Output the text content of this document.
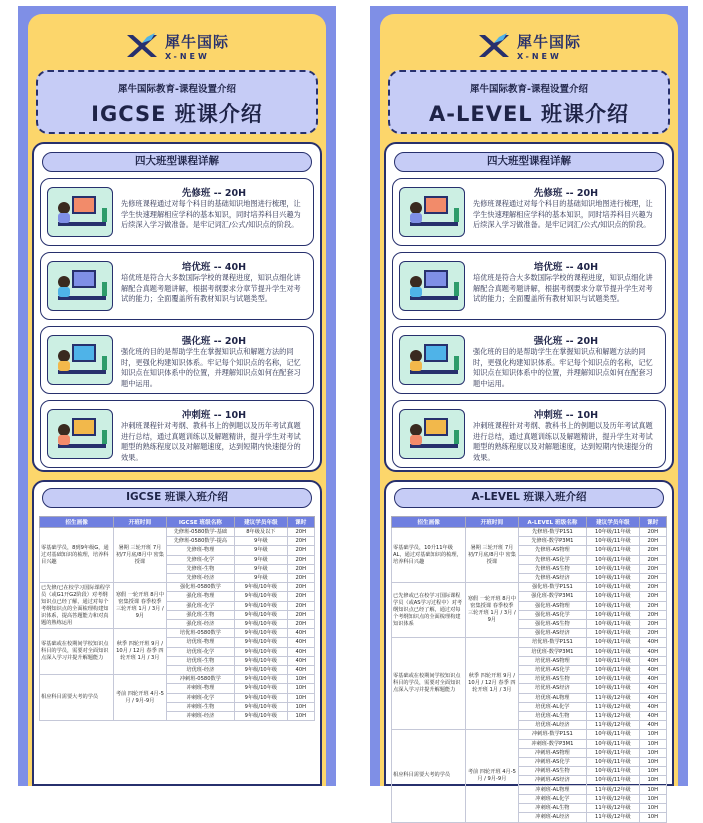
犀牛国际
X-NEW
犀牛国际教育-课程设置介绍
IGCSE 班课介绍
四大班型课程详解
先修班 -- 20H
先修班课程通过对每个科目的基础知识地图进行梳理，让学生快速理解相应学科的基本知识，同时培养科目兴趣为后续深入学习做准备。是牢记词汇/公式/知识点的阶段。
培优班 -- 40H
培优班是符合大多数国际学校的课程进度，知识点细化讲解配合真题考题讲解，根据考纲要求分章节提升学生对考试的能力；全面覆盖所有教材知识与试题类型。
强化班 -- 20H
强化班的目的是帮助学生在掌握知识点和解题方法的同时，更强化构建知识体系。牢记每个知识点的名称，记忆知识点在知识体系中的位置，并理解知识点如何在配套习题中运用。
冲刺班 -- 10H
冲刺班课程针对考纲、教科书上的例题以及历年考试真题进行总结，通过真题训练以及解题精讲，提升学生对考试题型的熟练程度以及对解题速度，达到短期内快速提分的效果。
IGCSE 班课入班介绍
招生画像	开班时间	IGCSE 班级名称	建议学员年级	课时
零基础学员，8到9年级G，通过对基础知识的梳理，培养科目兴趣	暑期 三轮开班 7月初/7月底/8月中 密集授课	先修班-0580数学-基础	8年级及以下	20H
		先修班-0580数学-提高	9年级	20H
		先修班-物理	9年级	20H
		先修班-化学	9年级	20H
		先修班-生物	9年级	20H
		先修班-经济	9年级	20H
已先修/已在校学习国际课程学员（或G1开G2阶段）对考纲知识点已经了解，通过对每个考纲知识点的全面梳理构建知识体系，提高答题能力和对真题的熟练运用	寒假 一轮开班 8月中 密集授课 春季校季 三轮开班 1月 / 3月 / 9月	强化班-0580数学	9年级/10年级	20H
		强化班-物理	9年级/10年级	20H
		强化班-化学	9年级/10年级	20H
		强化班-生物	9年级/10年级	20H
		强化班-经济	9年级/10年级	20H
零基础或在校期间学校知识点科目的学员，需要对全面知识点深入学习并提升解题能力	秋季 四轮开班 9月 / 10月 / 12月 春季 四轮开班 1月 / 3月	培优班-0580数学	9年级/10年级	40H
		培优班-物理	9年级/10年级	40H
		培优班-化学	9年级/10年级	40H
		培优班-生物	9年级/10年级	40H
		培优班-经济	9年级/10年级	40H
相应科目需要大考的学员	考前 四轮开班 4月-5月 / 9月-9月	冲刺班-0580数学	9年级/10年级	10H
		冲刺班-物理	9年级/10年级	10H
		冲刺班-化学	9年级/10年级	10H
		冲刺班-生物	9年级/10年级	10H
		冲刺班-经济	9年级/10年级	10H
犀牛国际
X-NEW
犀牛国际教育-课程设置介绍
A-LEVEL 班课介绍
四大班型课程详解
先修班 -- 20H
先修班课程通过对每个科目的基础知识地图进行梳理，让学生快速理解相应学科的基本知识，同时培养科目兴趣为后续深入学习做准备。是牢记词汇/公式/知识点的阶段。
培优班 -- 40H
培优班是符合大多数国际学校的课程进度，知识点细化讲解配合真题考题讲解，根据考纲要求分章节提升学生对考试的能力；全面覆盖所有教材知识与试题类型。
强化班 -- 20H
强化班的目的是帮助学生在掌握知识点和解题方法的同时，更强化构建知识体系。牢记每个知识点的名称，记忆知识点在知识体系中的位置，并理解知识点如何在配套习题中运用。
冲刺班 -- 10H
冲刺班课程针对考纲、教科书上的例题以及历年考试真题进行总结，通过真题训练以及解题精讲，提升学生对考试题型的熟练程度以及对解题速度，达到短期内快速提分的效果。
A-LEVEL 班课入班介绍
招生画像	开班时间	A-LEVEL 班级名称	建议学员年级	课时
零基础学员，10升11年级AL，通过对基础知识的梳理，培养科目兴趣	暑期 三轮开班 7月初/7月底/8月中 密集授课	先修班-数学P1S1	10年级/11年级	20H
		先修班-数学P3M1	10年级/11年级	20H
		先修班-AS物理	10年级/11年级	20H
		先修班-AS化学	10年级/11年级	20H
		先修班-AS生物	10年级/11年级	20H
		先修班-AS经济	10年级/11年级	20H
已先修或已在校学习国际课程学员（或AS学习过程中）对考纲知识点已经了解，通过对每个考纲知识点的全面梳理构建知识体系	寒假 一轮开班 8月中 密集授课 春季校季 三轮开班 1月 / 3月 / 9月	强化班-数学P1S1	10年级/11年级	20H
		强化班-数学P3M1	10年级/11年级	20H
		强化班-AS物理	10年级/11年级	20H
		强化班-AS化学	10年级/11年级	20H
		强化班-AS生物	10年级/11年级	20H
		强化班-AS经济	10年级/11年级	20H
零基础或在校期间学校知识点科目的学员，需要对全面知识点深入学习并提升解题能力	秋季 四轮开班 9月 / 10月 / 12月 春季 四轮开班 1月 / 3月	培优班-数学P1S1	10年级/11年级	40H
		培优班-数学P3M1	10年级/11年级	40H
		培优班-AS物理	10年级/11年级	40H
		培优班-AS化学	10年级/11年级	40H
		培优班-AS生物	10年级/11年级	40H
		培优班-AS经济	10年级/11年级	40H
		培优班-AL物理	11年级/12年级	40H
		培优班-AL化学	11年级/12年级	40H
		培优班-AL生物	11年级/12年级	40H
		培优班-AL经济	11年级/12年级	40H
相应科目需要大考的学员	考前 四轮开班 4月-5月 / 9月-9月	冲刺班-数学P1S1	10年级/11年级	10H
		冲刺班-数学P3M1	10年级/11年级	10H
		冲刺班-AS物理	10年级/11年级	10H
		冲刺班-AS化学	10年级/11年级	10H
		冲刺班-AS生物	10年级/11年级	10H
		冲刺班-AS经济	10年级/11年级	10H
		冲刺班-AL物理	11年级/12年级	10H
		冲刺班-AL化学	11年级/12年级	10H
		冲刺班-AL生物	11年级/12年级	10H
		冲刺班-AL经济	11年级/12年级	10H
